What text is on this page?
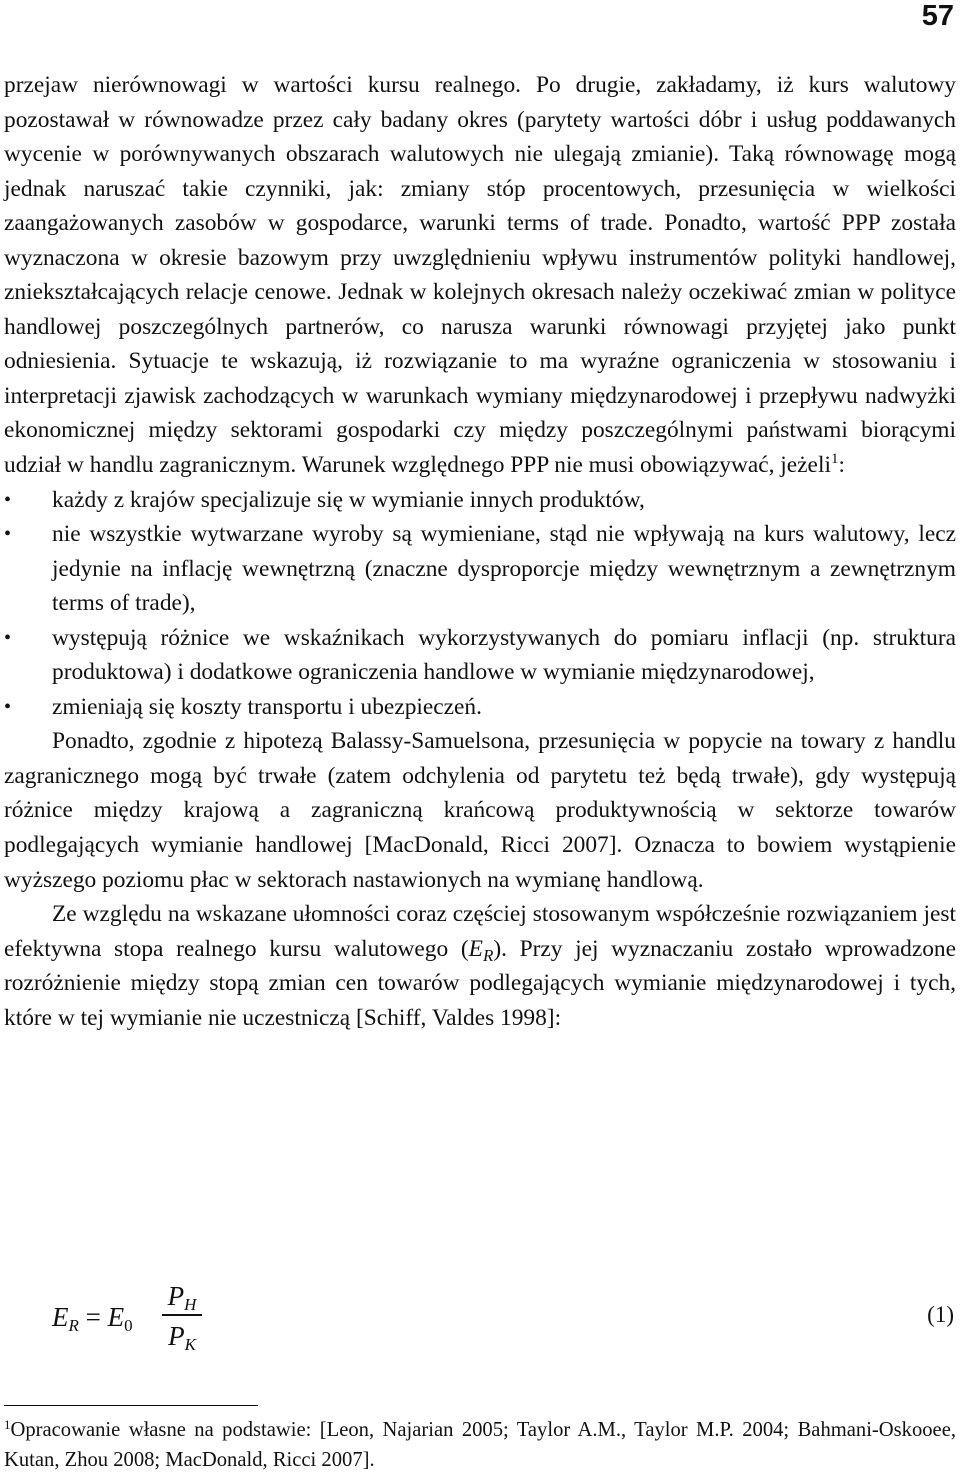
57

przejaw nierównowagi w wartości kursu realnego. Po drugie, zakładamy, iż kurs walutowy pozostawał w równowadze przez cały badany okres (parytety wartości dóbr i usług poddawanych wycenie w porównywanych obszarach walutowych nie ulegają zmianie). Taką równowagę mogą jednak naruszać takie czynniki, jak: zmiany stóp procentowych, przesunięcia w wielkości zaangażowanych zasobów w gospodarce, warunki terms of trade. Ponadto, wartość PPP została wyznaczona w okresie bazowym przy uwzględnieniu wpływu instrumentów polityki handlowej, zniekształcających relacje cenowe. Jednak w kolejnych okresach należy oczekiwać zmian w polityce handlowej poszczególnych partnerów, co narusza warunki równowagi przyjętej jako punkt odniesienia. Sytuacje te wskazują, iż rozwiązanie to ma wyraźne ograniczenia w stosowaniu i interpretacji zjawisk zachodzących w warunkach wymiany międzynarodowej i przepływu nadwyżki ekonomicznej między sektorami gospodarki czy między poszczególnymi państwami biorącymi udział w handlu zagranicznym. Warunek względnego PPP nie musi obowiązywać, jeżeli$^1$:

• każdy z krajów specjalizuje się w wymianie innych produktów,
• nie wszystkie wytwarzane wyroby są wymieniane, stąd nie wpływają na kurs walutowy, lecz jedynie na inflację wewnętrzną (znaczne dysproporcje między wewnętrznym a zewnętrznym terms of trade),
• występują różnice we wskaźnikach wykorzystywanych do pomiaru inflacji (np. struktura produktowa) i dodatkowe ograniczenia handlowe w wymianie międzynarodowej,
• zmieniają się koszty transportu i ubezpieczeń.

Ponadto, zgodnie z hipotezą Balassy-Samuelsona, przesunięcia w popycie na towary z handlu zagranicznego mogą być trwałe (zatem odchylenia od parytetu też będą trwałe), gdy występują różnice między krajową a zagraniczną krańcową produktywnością w sektorze towarów podlegających wymianie handlowej [MacDonald, Ricci 2007]. Oznacza to bowiem wystąpienie wyższego poziomu płac w sektorach nastawionych na wymianę handlową.

Ze względu na wskazane ułomności coraz częściej stosowanym współcześnie rozwiązaniem jest efektywna stopa realnego kursu walutowego $(E_R)$. Przy jej wyznaczaniu zostało wprowadzone rozróżnienie między stopą zmian cen towarów podlegających wymianie międzynarodowej i tych, które w tej wymianie nie uczestniczą [Schiff, Valdes 1998]:

$E_R = E_0$
$P_H$
$P_K$
(1)

$^1$Opracowanie własne na podstawie: [Leon, Najarian 2005; Taylor A.M., Taylor M.P. 2004; Bahmani-Oskooee, Kutan, Zhou 2008; MacDonald, Ricci 2007].
